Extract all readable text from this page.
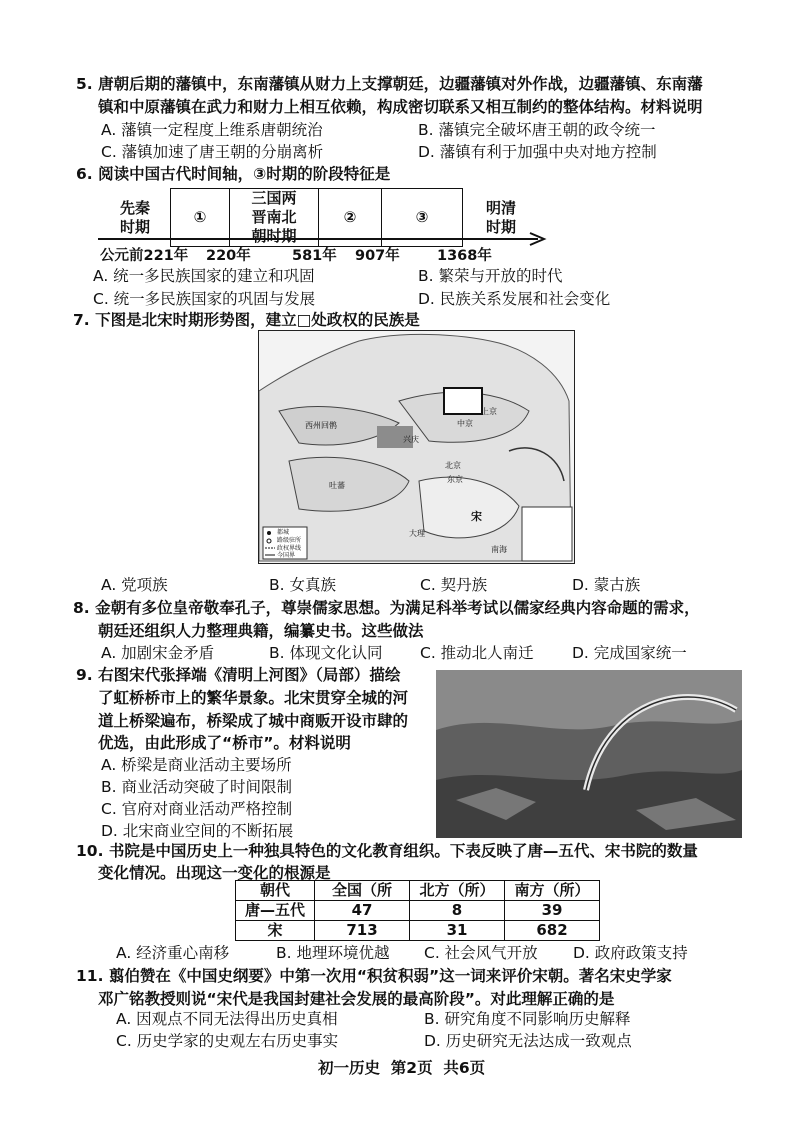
5. 唐朝后期的藩镇中，东南藩镇从财力上支撑朝廷，边疆藩镇对外作战，边疆藩镇、东南藩
镇和中原藩镇在武力和财力上相互依赖，构成密切联系又相互制约的整体结构。材料说明
A. 藩镇一定程度上维系唐朝统治	B. 藩镇完全破坏唐王朝的政令统一
C. 藩镇加速了唐王朝的分崩离析	D. 藩镇有利于加强中央对地方控制
6. 阅读中国古代时间轴，③时期的阶段特征是
先秦
时期	①	三国两
晋南北
朝时期	②	③	明清
时期
公元前221年 220年	581年 907年	1368年
A. 统一多民族国家的建立和巩固	B. 繁荣与开放的时代
C. 统一多民族国家的巩固与发展	D. 民族关系发展和社会变化
7. 下图是北宋时期形势图，建立□处政权的民族是
西州回鹘
兴庆
吐蕃
中京
上京
北京
东京
宋
大理
南海
都城
路级驻所
政权界线
今国界
A. 党项族	B. 女真族	C. 契丹族	D. 蒙古族
8. 金朝有多位皇帝敬奉孔子，尊崇儒家思想。为满足科举考试以儒家经典内容命题的需求，
朝廷还组织人力整理典籍，编纂史书。这些做法
A. 加剧宋金矛盾	B. 体现文化认同 C. 推动北人南迁 D. 完成国家统一
9. 右图宋代张择端《清明上河图》（局部）描绘
了虹桥桥市上的繁华景象。北宋贯穿全城的河
道上桥梁遍布，桥梁成了城中商贩开设市肆的
优选，由此形成了“桥市”。材料说明
A. 桥梁是商业活动主要场所
B. 商业活动突破了时间限制
C. 官府对商业活动严格控制
D. 北宋商业空间的不断拓展
10. 书院是中国历史上一种独具特色的文化教育组织。下表反映了唐—五代、宋书院的数量
变化情况。出现这一变化的根源是
朝代	全国（所	北方（所）	南方（所）
唐—五代	47	8	39
宋	713	31	682
A. 经济重心南移	B. 地理环境优越 C. 社会风气开放 D. 政府政策支持
11. 翦伯赞在《中国史纲要》中第一次用“积贫积弱”这一词来评价宋朝。著名宋史学家
邓广铭教授则说“宋代是我国封建社会发展的最高阶段”。对此理解正确的是
A. 因观点不同无法得出历史真相	B. 研究角度不同影响历史解释
C. 历史学家的史观左右历史事实	D. 历史研究无法达成一致观点
初一历史  第2页  共6页
